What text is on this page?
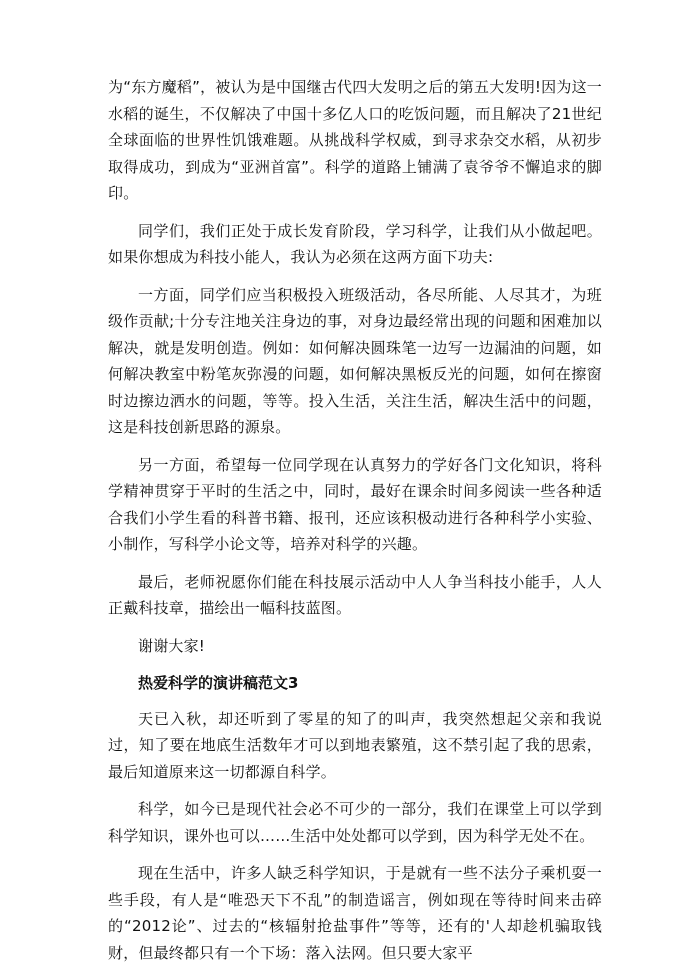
为“东方魔稻”，被认为是中国继古代四大发明之后的第五大发明!因为这一水稻的诞生，不仅解决了中国十多亿人口的吃饭问题，而且解决了21世纪全球面临的世界性饥饿难题。从挑战科学权威，到寻求杂交水稻，从初步取得成功，到成为“亚洲首富”。科学的道路上铺满了袁爷爷不懈追求的脚印。

同学们，我们正处于成长发育阶段，学习科学，让我们从小做起吧。如果你想成为科技小能人，我认为必须在这两方面下功夫:

一方面，同学们应当积极投入班级活动，各尽所能、人尽其才，为班级作贡献;十分专注地关注身边的事，对身边最经常出现的问题和困难加以解决，就是发明创造。例如：如何解决圆珠笔一边写一边漏油的问题，如何解决教室中粉笔灰弥漫的问题，如何解决黑板反光的问题，如何在擦窗时边擦边洒水的问题，等等。投入生活，关注生活，解决生活中的问题，这是科技创新思路的源泉。

另一方面，希望每一位同学现在认真努力的学好各门文化知识，将科学精神贯穿于平时的生活之中，同时，最好在课余时间多阅读一些各种适合我们小学生看的科普书籍、报刊，还应该积极动进行各种科学小实验、小制作，写科学小论文等，培养对科学的兴趣。

最后，老师祝愿你们能在科技展示活动中人人争当科技小能手，人人正戴科技章，描绘出一幅科技蓝图。

谢谢大家!

热爱科学的演讲稿范文3

天已入秋，却还听到了零星的知了的叫声，我突然想起父亲和我说过，知了要在地底生活数年才可以到地表繁殖，这不禁引起了我的思索，最后知道原来这一切都源自科学。

科学，如今已是现代社会必不可少的一部分，我们在课堂上可以学到科学知识，课外也可以……生活中处处都可以学到，因为科学无处不在。

现在生活中，许多人缺乏科学知识，于是就有一些不法分子乘机耍一些手段，有人是“唯恐天下不乱”的制造谣言，例如现在等待时间来击碎的“2012论”、过去的“核辐射抢盐事件”等等，还有的'人却趁机骗取钱财，但最终都只有一个下场：落入法网。但只要大家平
